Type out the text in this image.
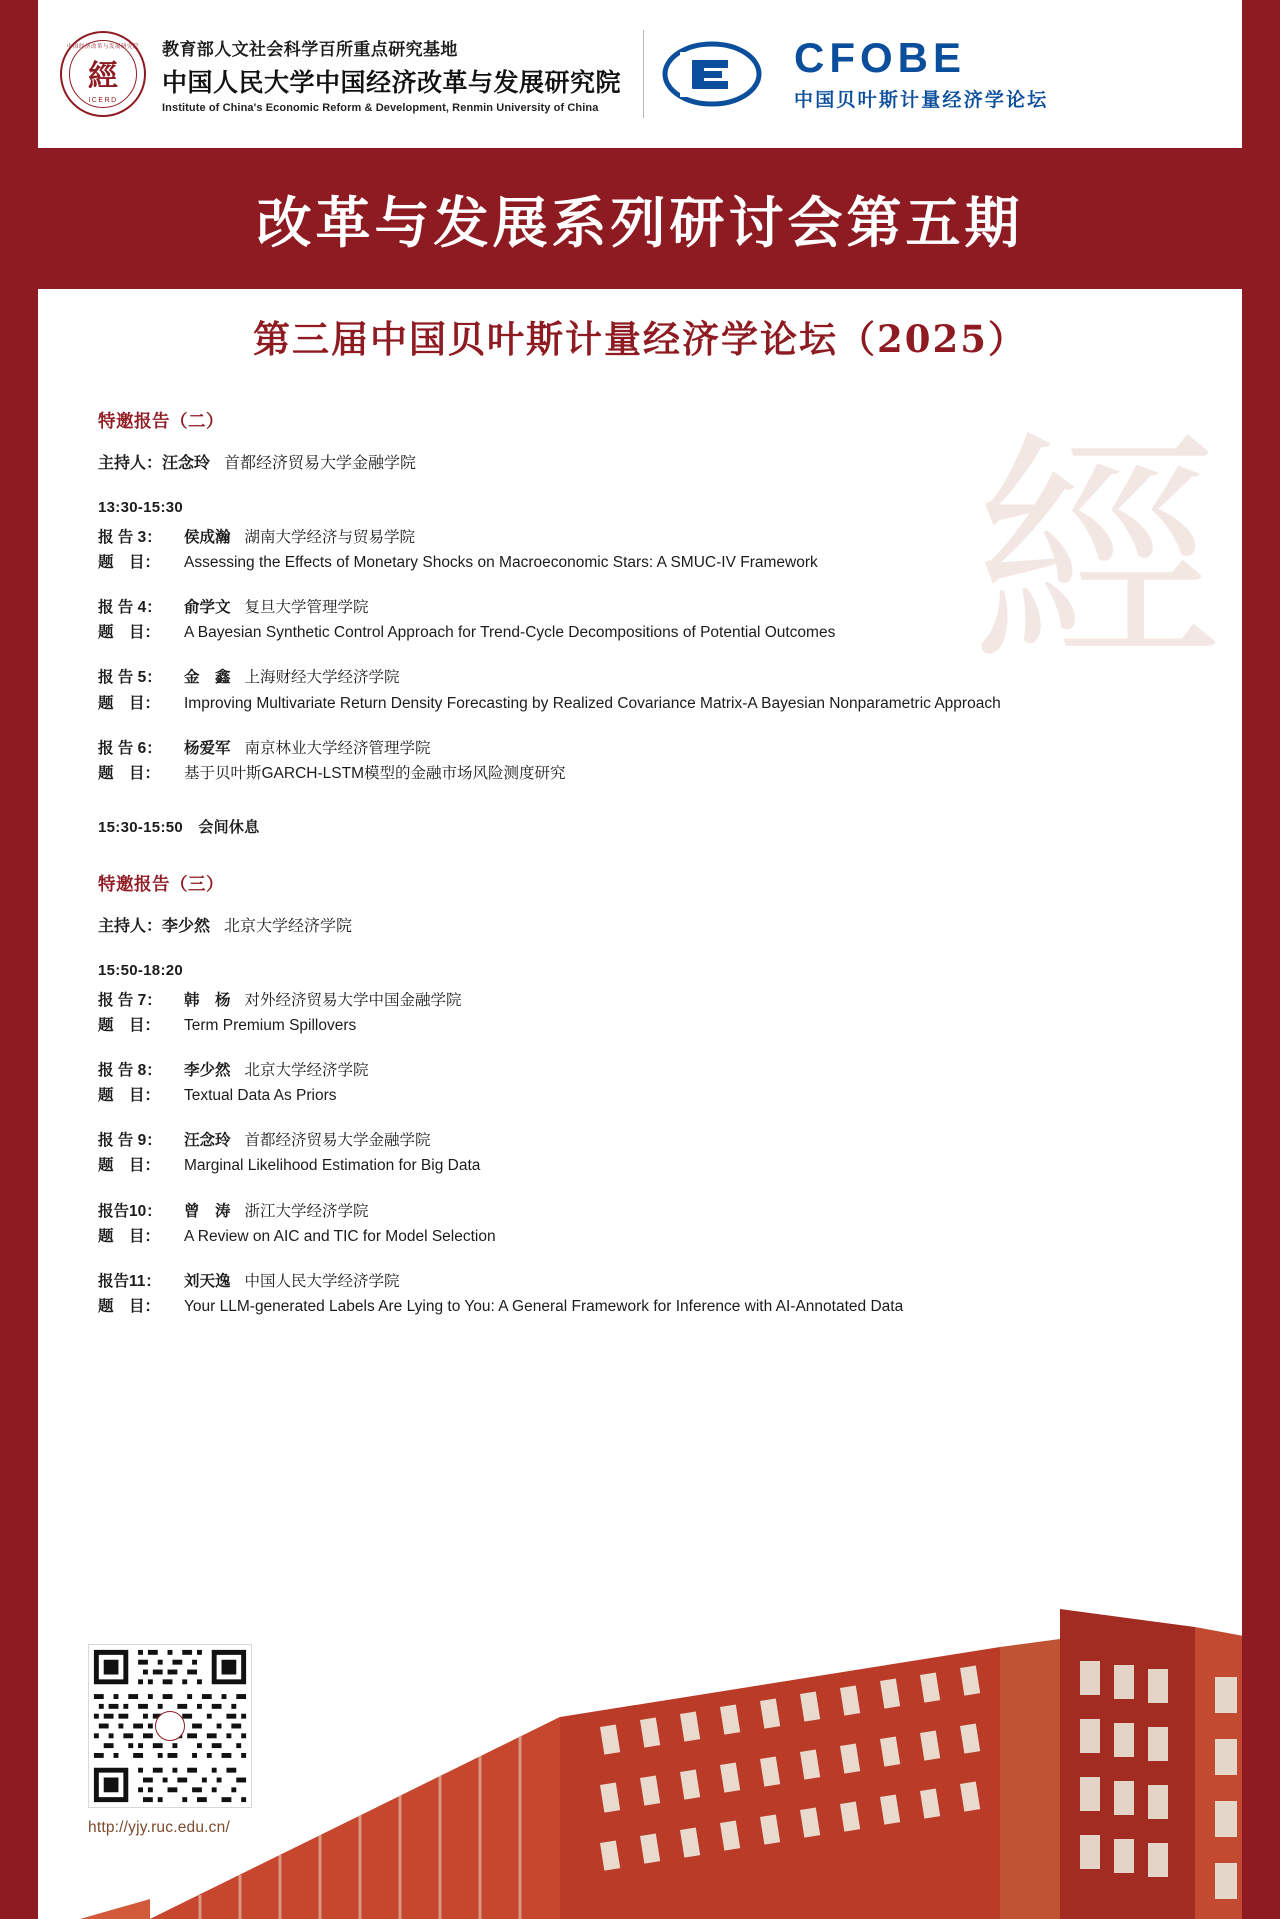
中国经济改革与发展研究院
經
ICERD
教育部人文社会科学百所重点研究基地
中国人民大学中国经济改革与发展研究院
Institute of China's Economic Reform & Development, Renmin University of China
CFOBE
中国贝叶斯计量经济学论坛
改革与发展系列研讨会第五期
第三届中国贝叶斯计量经济学论坛（2025）
經
特邀报告（二）
主持人：汪念玲 首都经济贸易大学金融学院
13:30-15:30
报 告 3：	侯成瀚 湖南大学经济与贸易学院
题　目：	Assessing the Effects of Monetary Shocks on Macroeconomic Stars: A SMUC-IV Framework
报 告 4：	俞学文 复旦大学管理学院
题　目：	A Bayesian Synthetic Control Approach for Trend-Cycle Decompositions of Potential Outcomes
报 告 5：	金　鑫 上海财经大学经济学院
题　目：	Improving Multivariate Return Density Forecasting by Realized Covariance Matrix-A Bayesian Nonparametric Approach
报 告 6：	杨爱军 南京林业大学经济管理学院
题　目：	基于贝叶斯GARCH-LSTM模型的金融市场风险测度研究
15:30-15:50　会间休息
特邀报告（三）
主持人：李少然 北京大学经济学院
15:50-18:20
报 告 7：	韩　杨 对外经济贸易大学中国金融学院
题　目：	Term Premium Spillovers
报 告 8：	李少然 北京大学经济学院
题　目：	Textual Data As Priors
报 告 9：	汪念玲 首都经济贸易大学金融学院
题　目：	Marginal Likelihood Estimation for Big Data
报告10：	曾　涛 浙江大学经济学院
题　目：	A Review on AIC and TIC for Model Selection
报告11：	刘天逸 中国人民大学经济学院
题　目：	Your LLM-generated Labels Are Lying to You: A General Framework for Inference with AI-Annotated Data
http://yjy.ruc.edu.cn/
